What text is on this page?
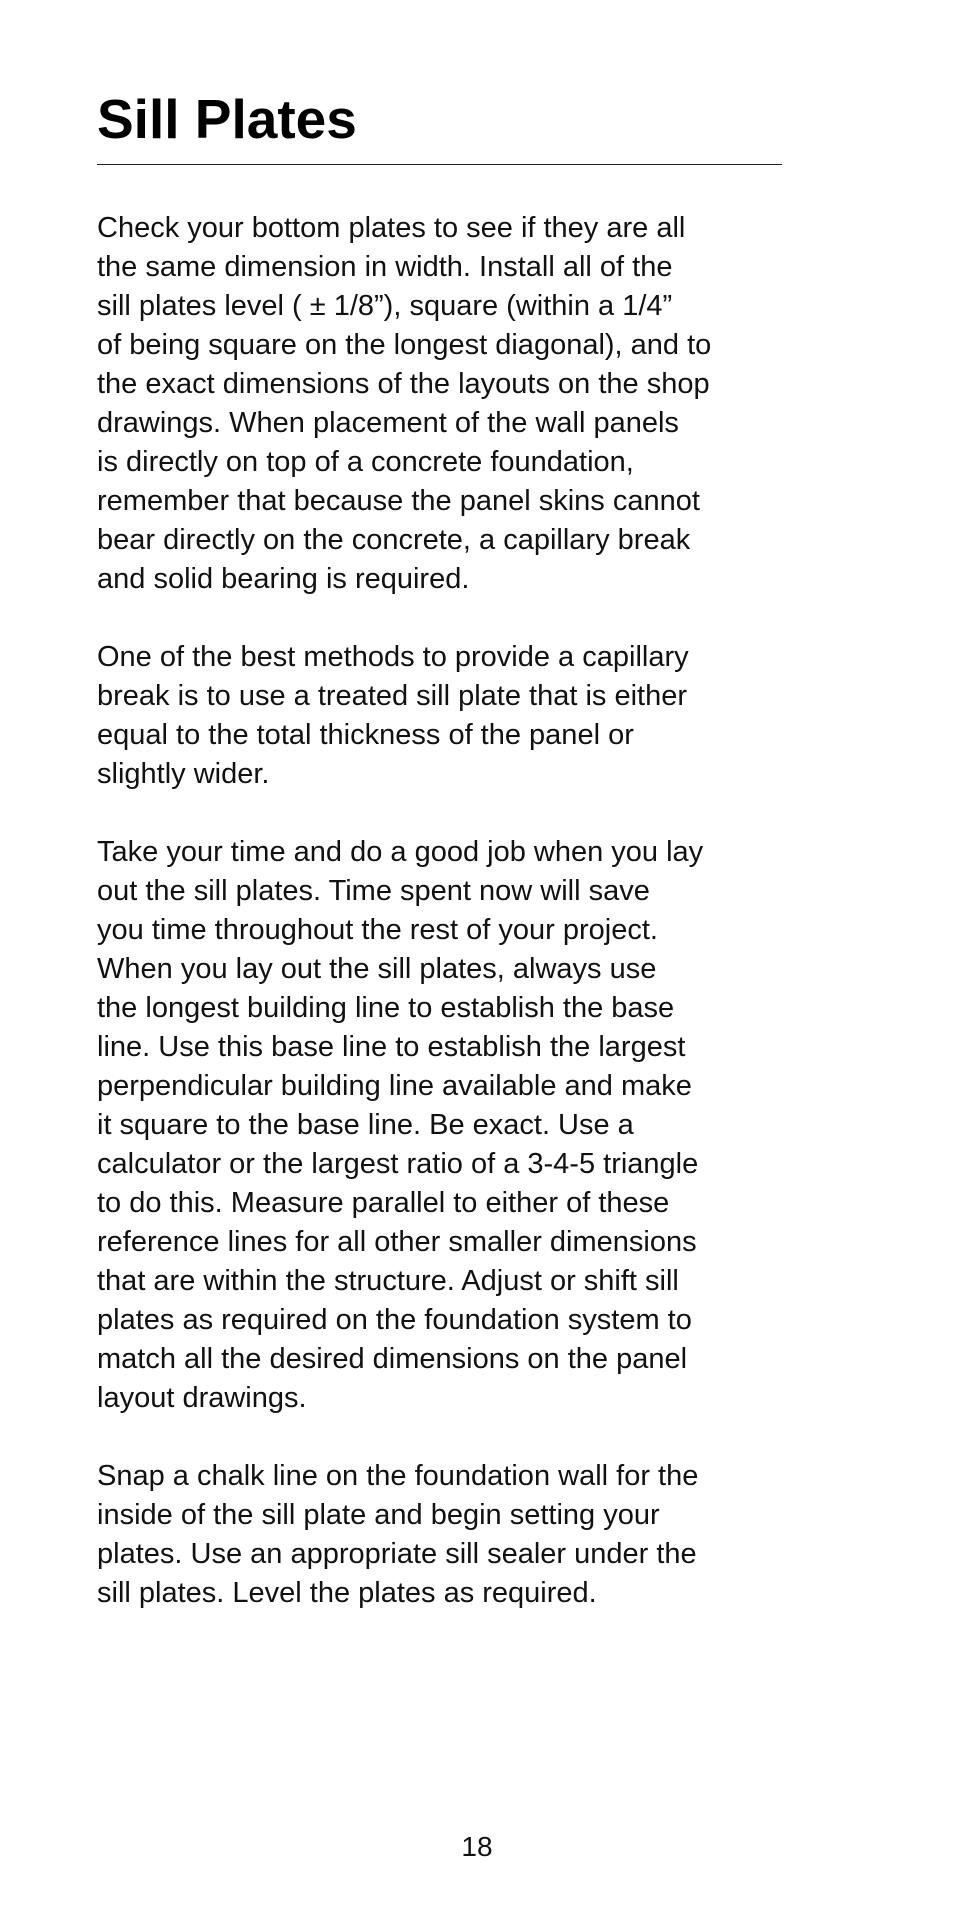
Sill Plates

Check your bottom plates to see if they are all
the same dimension in width. Install all of the
sill plates level ( ± 1/8”), square (within a 1/4”
of being square on the longest diagonal), and to
the exact dimensions of the layouts on the shop
drawings. When placement of the wall panels
is directly on top of a concrete foundation,
remember that because the panel skins cannot
bear directly on the concrete, a capillary break
and solid bearing is required.

One of the best methods to provide a capillary
break is to use a treated sill plate that is either
equal to the total thickness of the panel or
slightly wider.

Take your time and do a good job when you lay
out the sill plates. Time spent now will save
you time throughout the rest of your project.
When you lay out the sill plates, always use
the longest building line to establish the base
line. Use this base line to establish the largest
perpendicular building line available and make
it square to the base line. Be exact. Use a
calculator or the largest ratio of a 3-4-5 triangle
to do this. Measure parallel to either of these
reference lines for all other smaller dimensions
that are within the structure. Adjust or shift sill
plates as required on the foundation system to
match all the desired dimensions on the panel
layout drawings.

Snap a chalk line on the foundation wall for the
inside of the sill plate and begin setting your
plates. Use an appropriate sill sealer under the
sill plates. Level the plates as required.

18
